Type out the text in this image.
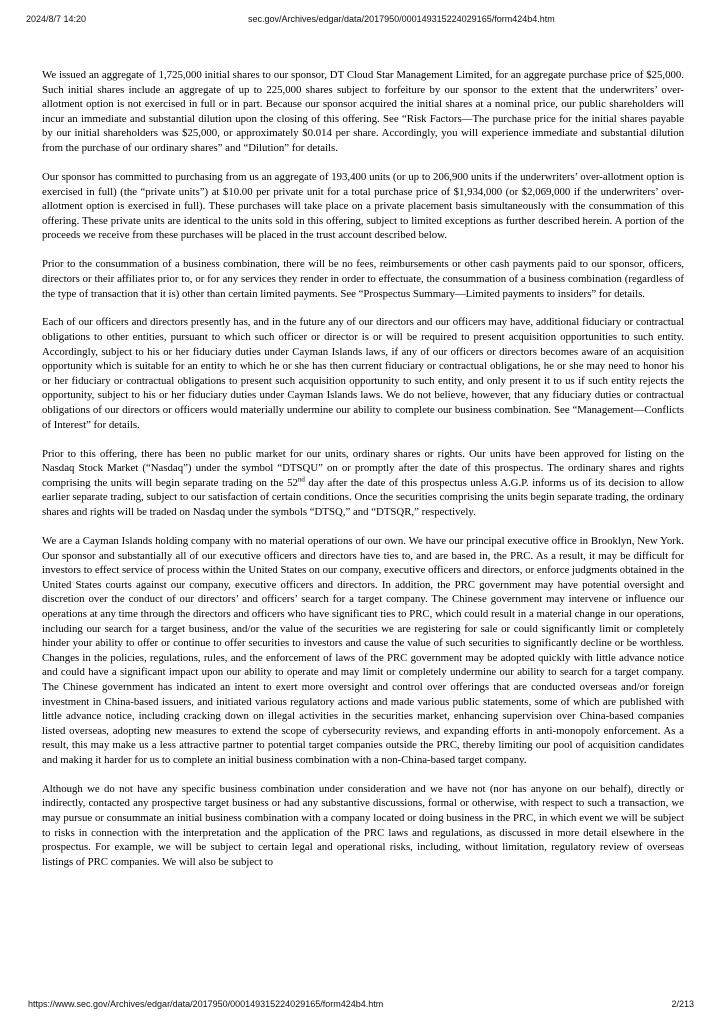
2024/8/7 14:20	sec.gov/Archives/edgar/data/2017950/000149315224029165/form424b4.htm

We issued an aggregate of 1,725,000 initial shares to our sponsor, DT Cloud Star Management Limited, for an aggregate purchase price of $25,000. Such initial shares include an aggregate of up to 225,000 shares subject to forfeiture by our sponsor to the extent that the underwriters’ over-allotment option is not exercised in full or in part. Because our sponsor acquired the initial shares at a nominal price, our public shareholders will incur an immediate and substantial dilution upon the closing of this offering. See “Risk Factors—The purchase price for the initial shares payable by our initial shareholders was $25,000, or approximately $0.014 per share. Accordingly, you will experience immediate and substantial dilution from the purchase of our ordinary shares” and “Dilution” for details.

Our sponsor has committed to purchasing from us an aggregate of 193,400 units (or up to 206,900 units if the underwriters’ over-allotment option is exercised in full) (the “private units”) at $10.00 per private unit for a total purchase price of $1,934,000 (or $2,069,000 if the underwriters’ over-allotment option is exercised in full). These purchases will take place on a private placement basis simultaneously with the consummation of this offering. These private units are identical to the units sold in this offering, subject to limited exceptions as further described herein. A portion of the proceeds we receive from these purchases will be placed in the trust account described below.

Prior to the consummation of a business combination, there will be no fees, reimbursements or other cash payments paid to our sponsor, officers, directors or their affiliates prior to, or for any services they render in order to effectuate, the consummation of a business combination (regardless of the type of transaction that it is) other than certain limited payments. See “Prospectus Summary—Limited payments to insiders” for details.

Each of our officers and directors presently has, and in the future any of our directors and our officers may have, additional fiduciary or contractual obligations to other entities, pursuant to which such officer or director is or will be required to present acquisition opportunities to such entity. Accordingly, subject to his or her fiduciary duties under Cayman Islands laws, if any of our officers or directors becomes aware of an acquisition opportunity which is suitable for an entity to which he or she has then current fiduciary or contractual obligations, he or she may need to honor his or her fiduciary or contractual obligations to present such acquisition opportunity to such entity, and only present it to us if such entity rejects the opportunity, subject to his or her fiduciary duties under Cayman Islands laws. We do not believe, however, that any fiduciary duties or contractual obligations of our directors or officers would materially undermine our ability to complete our business combination. See “Management—Conflicts of Interest” for details.

Prior to this offering, there has been no public market for our units, ordinary shares or rights. Our units have been approved for listing on the Nasdaq Stock Market (“Nasdaq”) under the symbol “DTSQU” on or promptly after the date of this prospectus. The ordinary shares and rights comprising the units will begin separate trading on the 52nd day after the date of this prospectus unless A.G.P. informs us of its decision to allow earlier separate trading, subject to our satisfaction of certain conditions. Once the securities comprising the units begin separate trading, the ordinary shares and rights will be traded on Nasdaq under the symbols “DTSQ,” and “DTSQR,” respectively.

We are a Cayman Islands holding company with no material operations of our own. We have our principal executive office in Brooklyn, New York. Our sponsor and substantially all of our executive officers and directors have ties to, and are based in, the PRC. As a result, it may be difficult for investors to effect service of process within the United States on our company, executive officers and directors, or enforce judgments obtained in the United States courts against our company, executive officers and directors. In addition, the PRC government may have potential oversight and discretion over the conduct of our directors’ and officers’ search for a target company. The Chinese government may intervene or influence our operations at any time through the directors and officers who have significant ties to PRC, which could result in a material change in our operations, including our search for a target business, and/or the value of the securities we are registering for sale or could significantly limit or completely hinder your ability to offer or continue to offer securities to investors and cause the value of such securities to significantly decline or be worthless. Changes in the policies, regulations, rules, and the enforcement of laws of the PRC government may be adopted quickly with little advance notice and could have a significant impact upon our ability to operate and may limit or completely undermine our ability to search for a target company. The Chinese government has indicated an intent to exert more oversight and control over offerings that are conducted overseas and/or foreign investment in China-based issuers, and initiated various regulatory actions and made various public statements, some of which are published with little advance notice, including cracking down on illegal activities in the securities market, enhancing supervision over China-based companies listed overseas, adopting new measures to extend the scope of cybersecurity reviews, and expanding efforts in anti-monopoly enforcement. As a result, this may make us a less attractive partner to potential target companies outside the PRC, thereby limiting our pool of acquisition candidates and making it harder for us to complete an initial business combination with a non-China-based target company.

Although we do not have any specific business combination under consideration and we have not (nor has anyone on our behalf), directly or indirectly, contacted any prospective target business or had any substantive discussions, formal or otherwise, with respect to such a transaction, we may pursue or consummate an initial business combination with a company located or doing business in the PRC, in which event we will be subject to risks in connection with the interpretation and the application of the PRC laws and regulations, as discussed in more detail elsewhere in the prospectus. For example, we will be subject to certain legal and operational risks, including, without limitation, regulatory review of overseas listings of PRC companies. We will also be subject to

https://www.sec.gov/Archives/edgar/data/2017950/000149315224029165/form424b4.htm	2/213
